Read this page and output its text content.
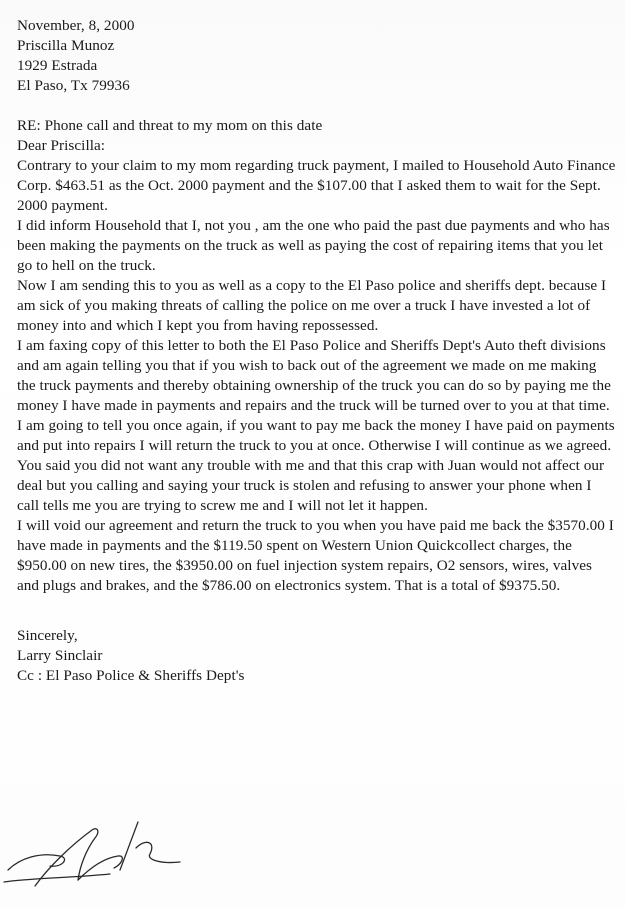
November, 8, 2000

Priscilla Munoz

1929 Estrada

El Paso, Tx 79936

RE: Phone call and threat to my mom on this date

Dear Priscilla:

Contrary to your claim to my mom regarding truck payment, I mailed to Household Auto Finance Corp. $463.51 as the Oct. 2000 payment and the $107.00 that I asked them to wait for the Sept. 2000 payment.

I did inform Household that I, not you , am the one who paid the past due payments and who has been making the payments on the truck as well as paying the cost of repairing items that you let go to hell on the truck.

Now I am sending this to you as well as a copy to the El Paso police and sheriffs dept. because I am sick of you making threats of calling the police on me over a truck I have invested a lot of money into and which I kept you from having repossessed.

I am faxing copy of this letter to both the El Paso Police and Sheriffs Dept's Auto theft divisions and am again telling you that if you wish to back out of the agreement we made on me making the truck payments and thereby obtaining ownership of the truck you can do so by paying me the money I have made in payments and repairs and the truck will be turned over to you at that time.

I am going to tell you once again, if you want to pay me back the money I have paid on payments and put into repairs I will return the truck to you at once. Otherwise I will continue as we agreed.

You said you did not want any trouble with me and that this crap with Juan would not affect our deal but you calling and saying your truck is stolen and refusing to answer your phone when I call tells me you are trying to screw me and I will not let it happen.

I will void our agreement and return the truck to you when you have paid me back the $3570.00 I have made in payments and the $119.50 spent on Western Union Quickcollect charges, the $950.00 on new tires, the $3950.00 on fuel injection system repairs, O2 sensors, wires, valves and plugs and brakes, and the $786.00 on electronics system. That is a total of $9375.50.

Sincerely,

Larry Sinclair

Cc : El Paso Police & Sheriffs Dept's
